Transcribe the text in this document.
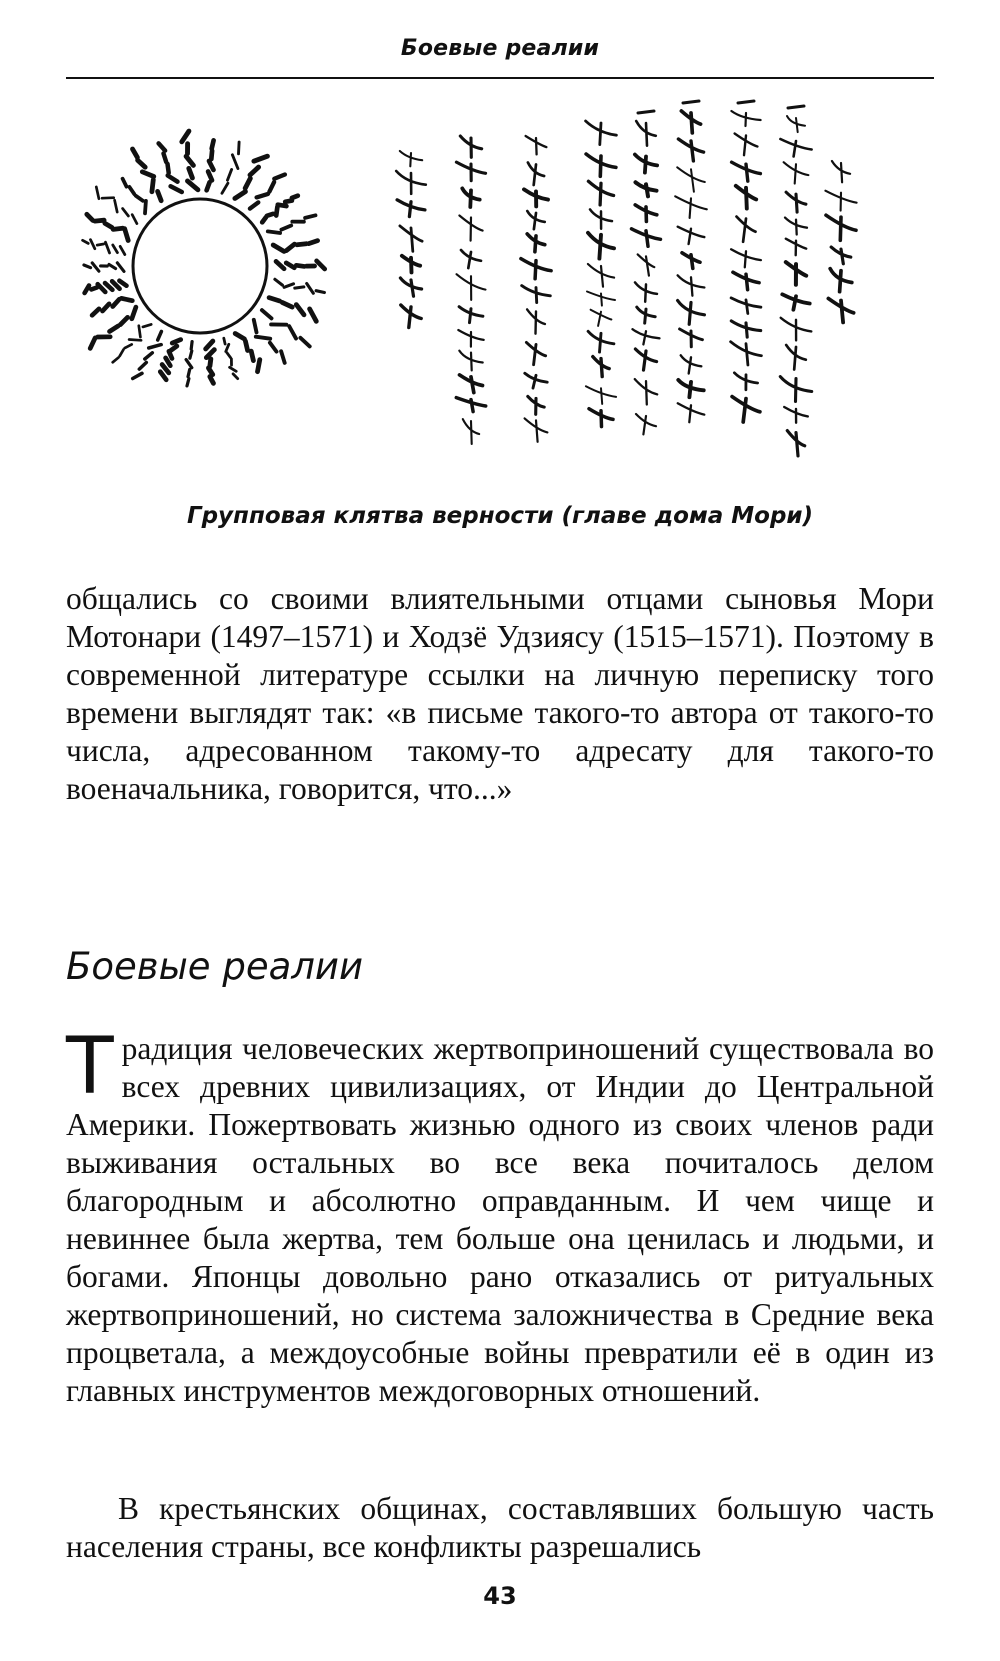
Боевые реалии
Групповая клятва верности (главе дома Мори)

общались со своими влиятельными отцами сыновья Мори Мотонари (1497–1571) и Ходзё Удзиясу (1515–1571). Поэтому в современной литературе ссылки на личную переписку того времени выглядят так: «в письме такого-то автора от такого-то числа, адресованном такому-то адресату для такого-то военачальника, говорится, что...»

Боевые реалии

Традиция человеческих жертвоприношений существовала во всех древних цивилизациях, от Индии до Центральной Америки. Пожертвовать жизнью одного из своих членов ради выживания остальных во все века почиталось делом благородным и абсолютно оправданным. И чем чище и невиннее была жертва, тем больше она ценилась и людьми, и богами. Японцы довольно рано отказались от ритуальных жертвоприношений, но система заложничества в Средние века процветала, а междоусобные войны превратили её в один из главных инструментов междоговорных отношений.

В крестьянских общинах, составлявших большую часть населения страны, все конфликты разрешались

43
